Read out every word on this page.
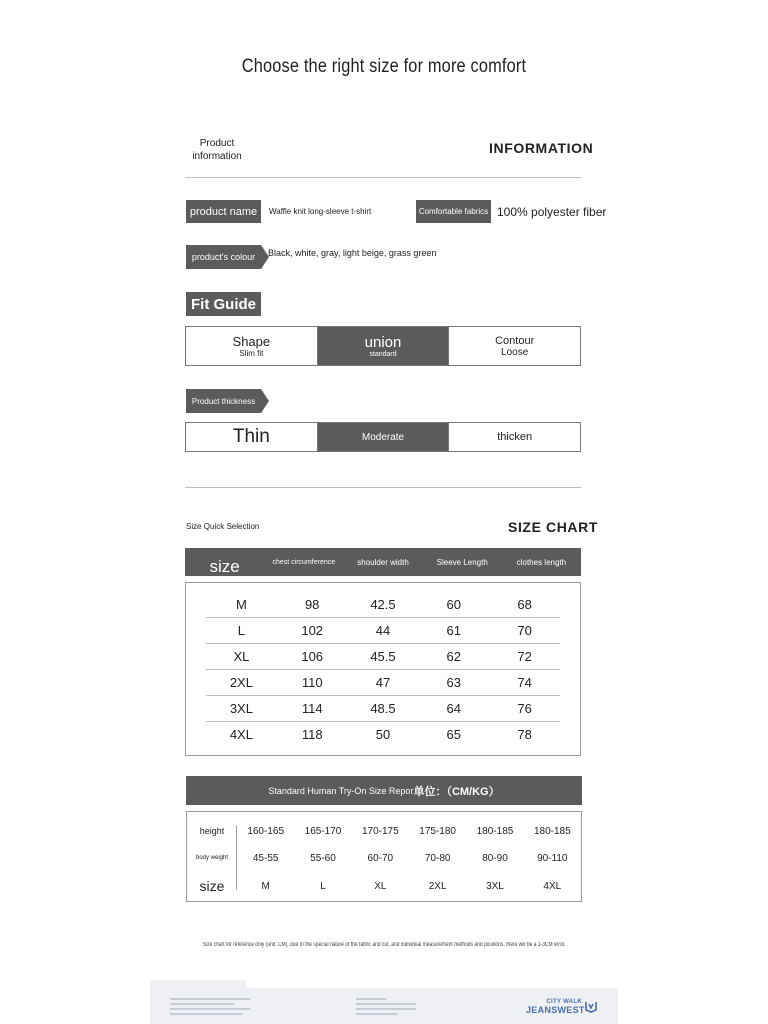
Choose the right size for more comfort
Product information
INFORMATION
product name	Waffle knit long-sleeve t-shirt	Comfortable fabrics 100% polyester fiber
product's colour	Black, white, gray, light beige, grass green
Fit Guide
Shape
Slim fit
union
standard
Contour
Loose
Product thickness
Thin	Moderate	thicken
Size Quick Selection	SIZE CHART
size	chest circumference	shoulder width	Sleeve Length	clothes length
M	98	42.5	60	68
L	102	44	61	70
XL	106	45.5	62	72
2XL	110	47	63	74
3XL	114	48.5	64	76
4XL	118	50	65	78
Standard Human Try-On Size Repor 单位：（CM/KG）
height	160-165	165-170	170-175	175-180	180-185	180-185
body weight	45-55	55-60	60-70	70-80	80-90	90-110
size	M	L	XL	2XL	3XL	4XL
Size chart for reference only (unit: CM), due to the special nature of the fabric and cut, and individual measurement methods and positions, there will be a 1-3CM error.
CITY WALK
JEANSWEST
